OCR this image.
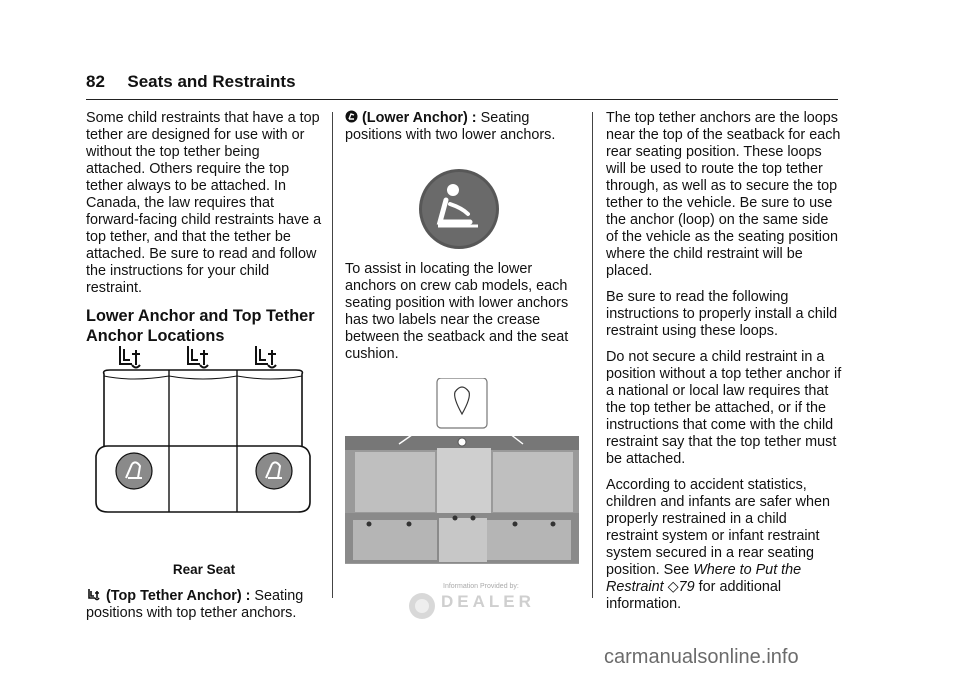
82 Seats and Restraints

Some child restraints that have a top tether are designed for use with or without the top tether being attached. Others require the top tether always to be attached. In Canada, the law requires that forward-facing child restraints have a top tether, and that the tether be attached. Be sure to read and follow the instructions for your child restraint.

Lower Anchor and Top Tether Anchor Locations
Rear Seat

(Top Tether Anchor) : Seating positions with top tether anchors.

(Lower Anchor) : Seating positions with two lower anchors.

To assist in locating the lower anchors on crew cab models, each seating position with lower anchors has two labels near the crease between the seatback and the seat cushion.

The top tether anchors are the loops near the top of the seatback for each rear seating position. These loops will be used to route the top tether through, as well as to secure the top tether to the vehicle. Be sure to use the anchor (loop) on the same side of the vehicle as the seating position where the child restraint will be placed.

Be sure to read the following instructions to properly install a child restraint using these loops.

Do not secure a child restraint in a position without a top tether anchor if a national or local law requires that the top tether be attached, or if the instructions that come with the child restraint say that the top tether must be attached.

According to accident statistics, children and infants are safer when properly restrained in a child restraint system or infant restraint system secured in a rear seating position. See Where to Put the Restraint ◇79 for additional information.

Information Provided by:
DEALER
carmanualsonline.info
